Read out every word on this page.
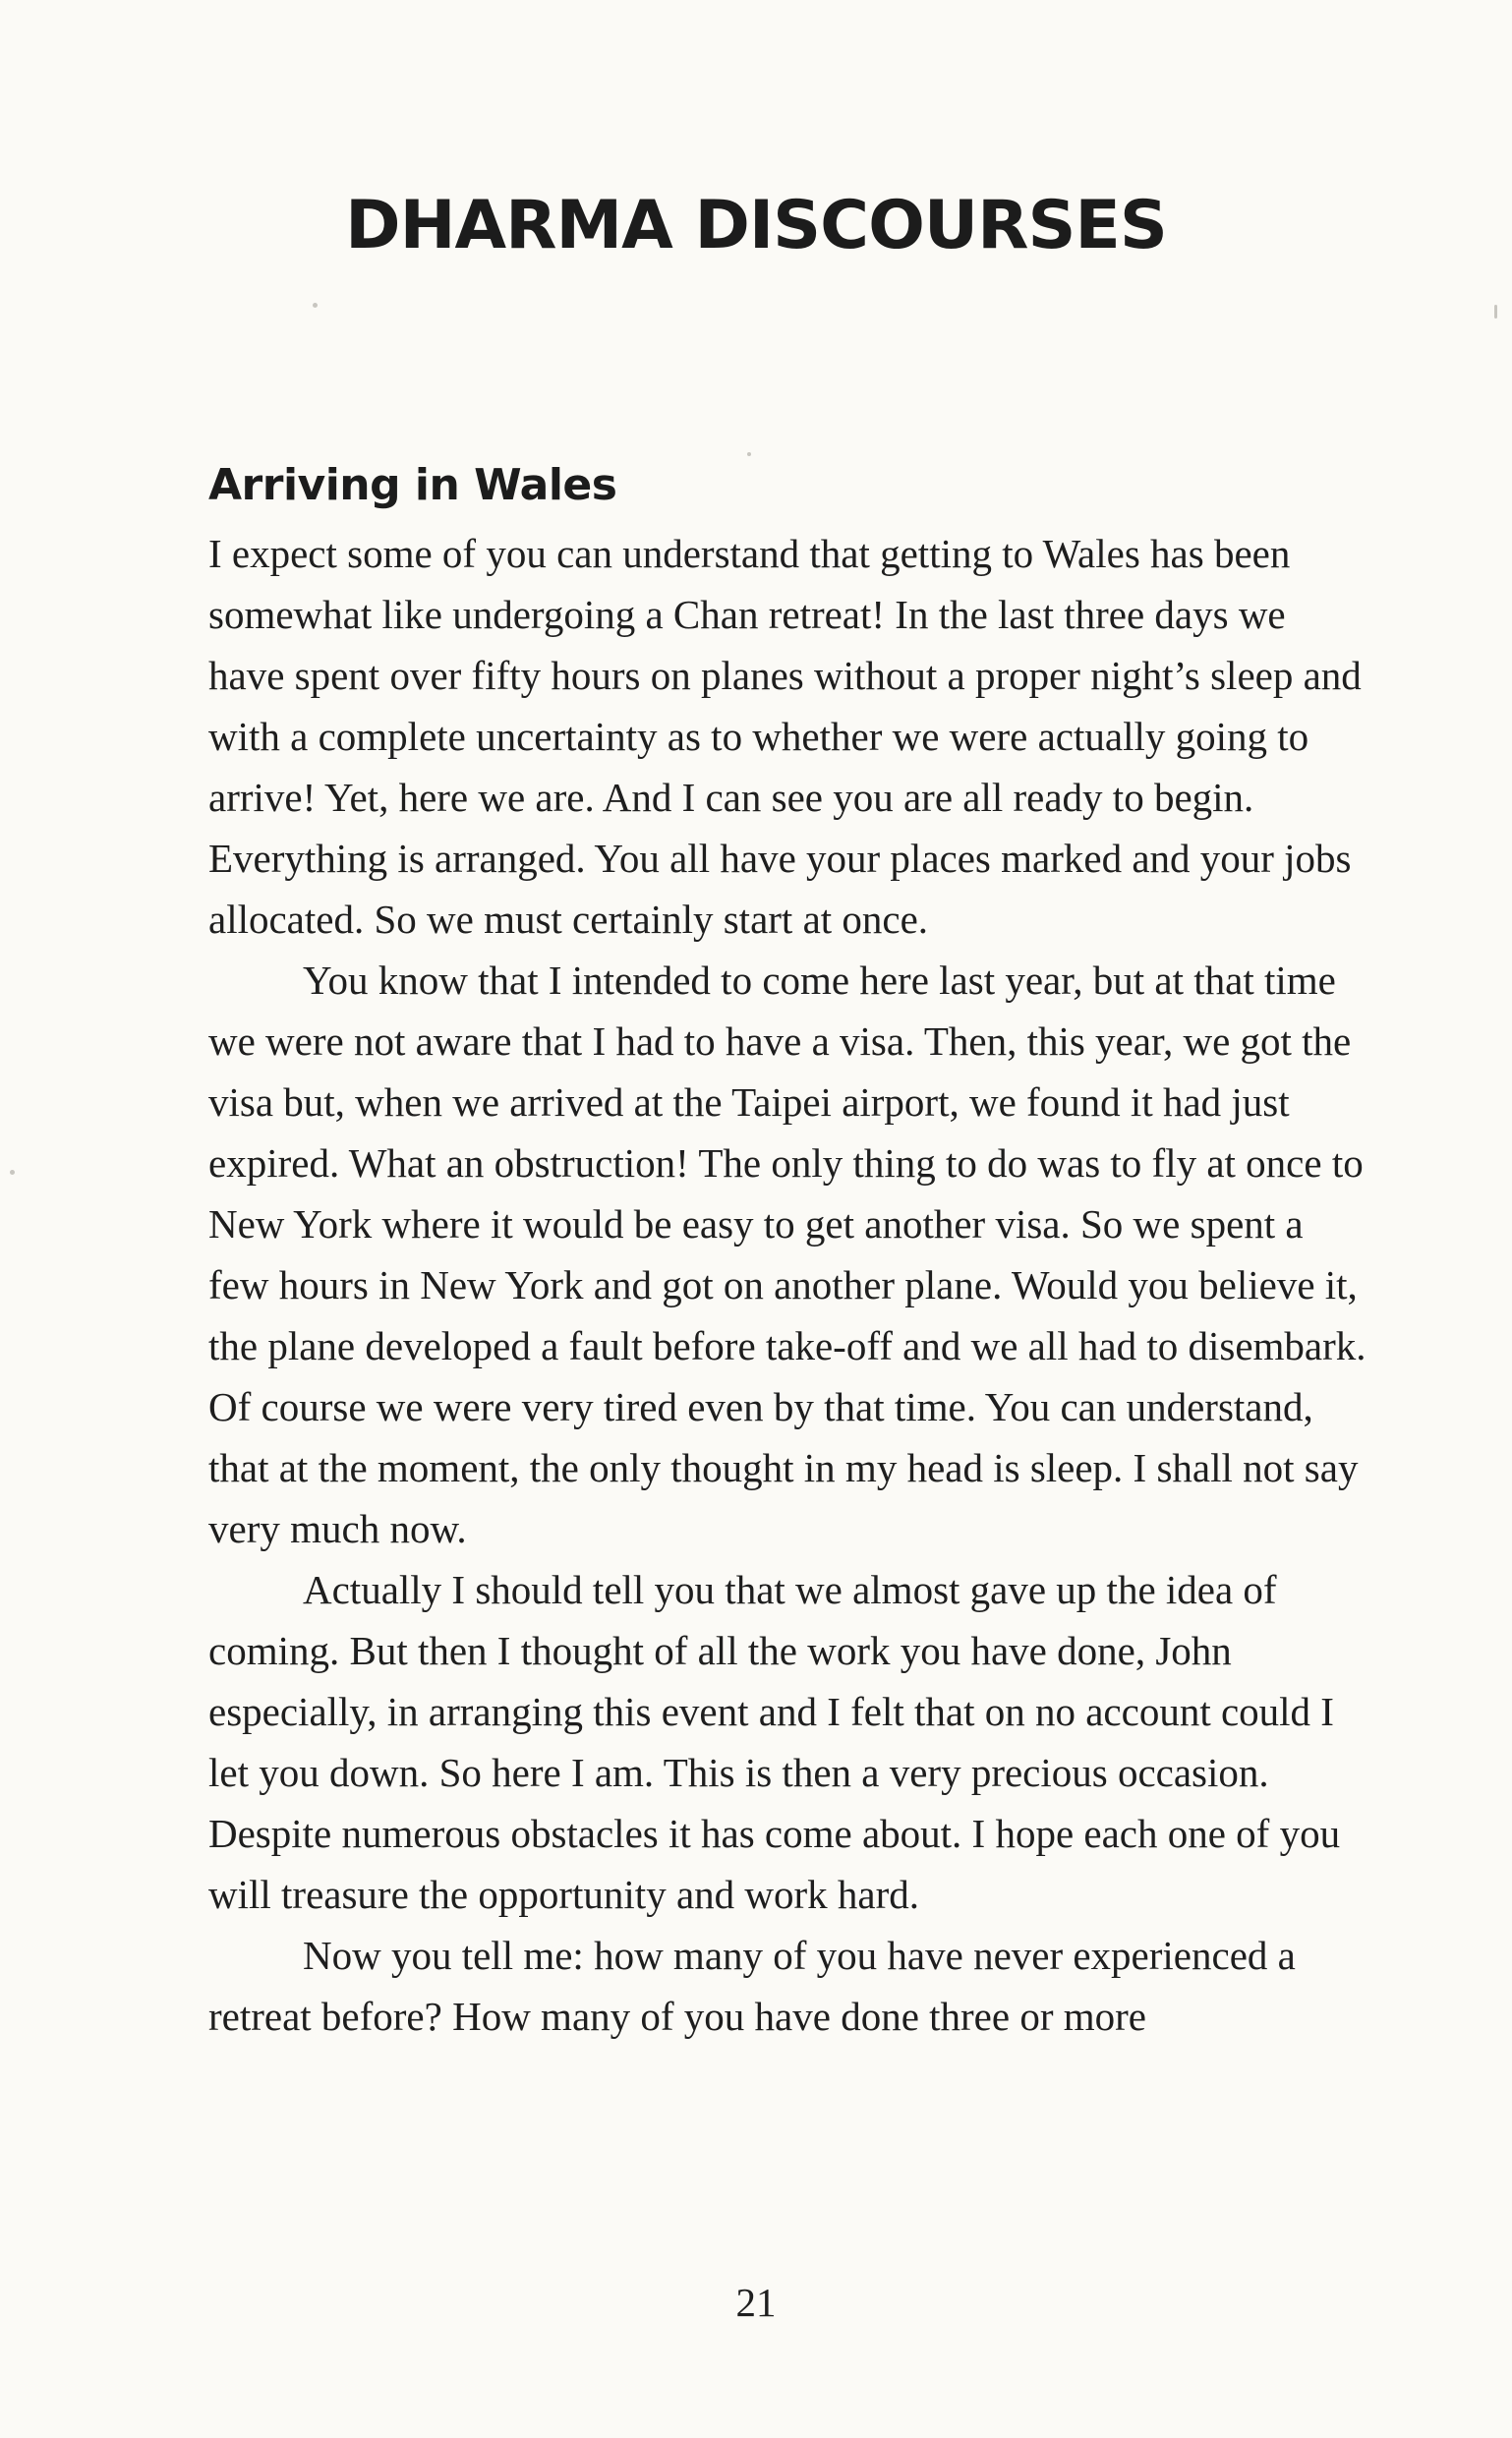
DHARMA DISCOURSES
Arriving in Wales

I expect some of you can understand that getting to Wales has been somewhat like undergoing a Chan retreat! In the last three days we have spent over fifty hours on planes without a proper night’s sleep and with a complete uncertainty as to whether we were actually going to arrive! Yet, here we are. And I can see you are all ready to begin. Everything is arranged. You all have your places marked and your jobs allocated. So we must certainly start at once.

You know that I intended to come here last year, but at that time we were not aware that I had to have a visa. Then, this year, we got the visa but, when we arrived at the Taipei airport, we found it had just expired. What an obstruction! The only thing to do was to fly at once to New York where it would be easy to get another visa. So we spent a few hours in New York and got on another plane. Would you believe it, the plane developed a fault before take-off and we all had to disembark. Of course we were very tired even by that time. You can understand, that at the moment, the only thought in my head is sleep. I shall not say very much now.

Actually I should tell you that we almost gave up the idea of coming. But then I thought of all the work you have done, John especially, in arranging this event and I felt that on no account could I let you down. So here I am. This is then a very precious occasion. Despite numerous obstacles it has come about. I hope each one of you will treasure the opportunity and work hard.

Now you tell me: how many of you have never experienced a retreat before? How many of you have done three or more

21
